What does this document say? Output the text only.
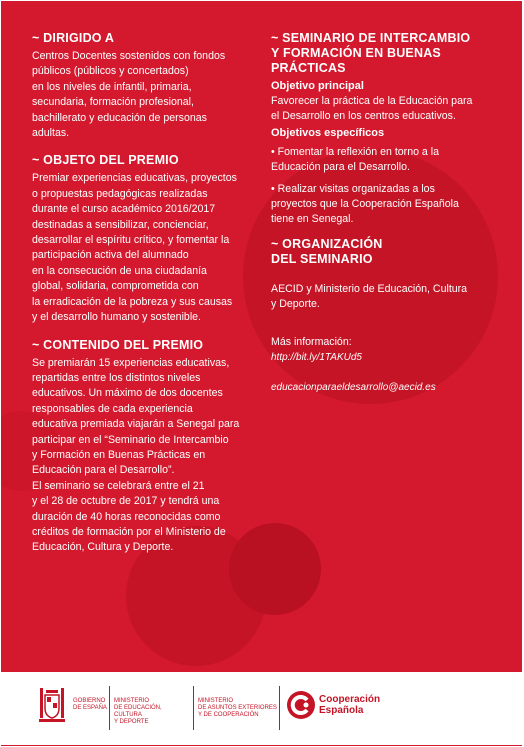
~ DIRIGIDO A
Centros Docentes sostenidos con fondos
públicos (públicos y concertados)
en los niveles de infantil, primaria,
secundaria, formación profesional,
bachillerato y educación de personas
adultas.
~ OBJETO DEL PREMIO
Premiar experiencias educativas, proyectos
o propuestas pedagógicas realizadas
durante el curso académico 2016/2017
destinadas a sensibilizar, concienciar,
desarrollar el espíritu crítico, y fomentar la
participación activa del alumnado
en la consecución de una ciudadanía
global, solidaria, comprometida con
la erradicación de la pobreza y sus causas
y el desarrollo humano y sostenible.
~ CONTENIDO DEL PREMIO
Se premiarán 15 experiencias educativas,
repartidas entre los distintos niveles
educativos. Un máximo de dos docentes
responsables de cada experiencia
educativa premiada viajarán a Senegal para
participar en el “Seminario de Intercambio
y Formación en Buenas Prácticas en
Educación para el Desarrollo”.
El seminario se celebrará entre el 21
y el 28 de octubre de 2017 y tendrá una
duración de 40 horas reconocidas como
créditos de formación por el Ministerio de
Educación, Cultura y Deporte.
~ SEMINARIO DE INTERCAMBIO
Y FORMACIÓN EN BUENAS
PRÁCTICAS
Objetivo principal
Favorecer la práctica de la Educación para
el Desarrollo en los centros educativos.
Objetivos específicos
• Fomentar la reflexión en torno a la
Educación para el Desarrollo.
• Realizar visitas organizadas a los
proyectos que la Cooperación Española
tiene en Senegal.
~ ORGANIZACIÓN
DEL SEMINARIO
AECID y Ministerio de Educación, Cultura
y Deporte.
Más información:
http://bit.ly/1TAKUd5
educacionparaeldesarrollo@aecid.es
GOBIERNO
DE ESPAÑA
MINISTERIO
DE EDUCACIÓN, CULTURA
Y DEPORTE
MINISTERIO
DE ASUNTOS EXTERIORES
Y DE COOPERACIÓN
Cooperación
Española
